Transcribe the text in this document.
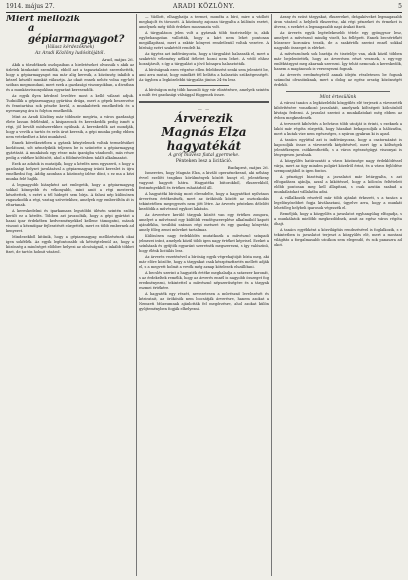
1914. május 27.	ARADI KÖZLÖNY.	5
Miért mellőzik
a gépiarmagyagot?

(Válasz kérdezőknek)

Az Aradi Közlöny ludósitójától.

Arad, május 26.

Akik a tőzsdéknek oszlopaiban a hirdetéseket olvassák s akik az üzletek kirakatait szemlélik, ebből azt a tapasztalatot szerezhették, hogy a gépiarmagyagot ma már alig keresik, a közönség inkább a kézzel készült munkát választja. Az okait ennek nehéz volna egy-két szóban megmondani, mert ezek a gazdasági viszonyokban, a divatban és a munkásviszonyokban egyaránt keresendők.

Az egyik ilyen kérdező levelére most a kellő választ adjuk. Tudniillik a gépiarmagyag gyártása drága, mert a gépek beszerzése és fenntartása sok pénzbe kerül, a munkabérek emelkedtek és a nyersanyag ára is folyton emelkedik.

Mint az Aradi Közlöny már többször megírta, a város gazdasági élete lassan felélénkül, a kisiparosok és kereskedők pedig ismét a régi, jól bevált módszerekhez nyúlnak. A kereskedők azt mondják, hogy a vevők a tartós és erős árut keresik, a gépi munka pedig ebben nem vetekedhet a kézi munkával.

Ennek következtében a gyárak kénytelenek voltak termelésüket korlátozni, sőt némelyikük teljesen be is szüntette a gépiarmagyag gyártását. A munkások egy része más iparágba vándorolt, más része pedig a vidékre költözött, ahol a földmívelésben talált alkalmazást.

Ezek az adatok is mutatják, hogy a kérdés nem egyszerű, s hogy a gazdasági helyzet javulásával a gépiarmagyag iránti kereslet is újra emelkedni fog. Addig azonban a közönség ízlése dönt, s ez ma a kézi munka felé hajlik.

A legnagyobb hiányként azt emlegetik, hogy a gépiarmagyag sokkal könnyebb és vékonyabb, mint amit a régi mesterek készítettek, s ezért a tél hidegét sem bírja. A falusi nép különösen ragaszkodik a régi, vastag szövetekhez, amelyek egy emberöltőn át is eltartanak.

A kereskedelmi és iparkamara legutóbbi ülésén szintén szóba került ez a kérdés. Többen azt javasolták, hogy a gépi gyártást a hazai ipar érdekében kedvezményekkel kellene támogatni, mások viszont a kézműipar fejlesztését sürgették, mert ez több embernek ad kenyeret.

Mindezekből kitűnik, hogy a gépiarmagyag mellőzésének okai igen sokfélék. Az egyik legfontosabb ok kétségtelenül az, hogy a közönség a minőséget előbbre helyezi az olcsóságnál, s inkább többet fizet, de tartós holmit vásárol.

— Vádlott, elhagyhatja a termet, mondta a bíró, mire a vádlott meghajolt és távozott. A közönség zajosan tárgyalta a különös esetet, amelynek még több érdekes mozzanata volt.

A tárgyaláson jelen volt a gyárnak több tisztviselője is, akik egybehangzóan vallották, hogy a kárt nem lehet pontosan megállapítani, mert a raktár könyvei rendetlenül voltak vezetve. A bíróság ezért szakértőt rendelt ki.

Az ügyész azt indítványozta, hogy a tárgyalást halasszák el, mert a szakértői vélemény nélkül ítéletet hozni nem lehet. A védő ehhez hozzájárult, s így a tárgyalást a jövő hónapra halasztották.

A bíróságnak ezen végzése ellen felebbezést senki sem jelentett be, ami arra mutat, hogy mindkét fél belátta a halasztás szükségességét. Az ügyben a legközelebbi tárgyalás június 24-én lesz.

A bíróságon még több hasonló ügy vár elintézésre, amelyek szintén a múlt évi gazdasági válsággal függenek össze.

— —

Árverezik
Magnás Elza hagyatékát

A gróf művész fiatal gyermeke.

Pénteken lesz a licitáció.

Budapest, május 26.

Ismeretes, hogy Magnás Elza, a kiváló operaénekesnő, aki néhány évvel ezelőtt tragikus körülmények között hunyt el, jelentékeny vagyont hagyott hátra. Hagyatéka bútorokból, ékszerekből, festményekből és értékes ruhatárból áll.

A hagyatéki bíróság most elrendelte, hogy a hagyatékot nyilvános árverésen értékesítsék, mert az örökösök között az osztozkodás tekintetében megegyezés nem jött létre. Az árverés pénteken délelőtt kezdődik a művésznő egykori lakásán.

Az árverésre kerülő tárgyak között van egy értékes zongora, amelyet a művésznő egy külföldi vendégszereplése alkalmából kapott ajándékba, továbbá számos régi metszet és egy gazdag könyvtár, amely főleg zenei műveket tartalmaz.

Különösen nagy érdeklődés mutatkozik a művésznő színpadi jelmezei iránt, amelyek közül több igen nagy értéket képvisel. Ezeket a színházak és gyűjtők egyaránt szeretnék megszerezni, s így valószínű, hogy élénk licitálás lesz.

Az árverés vezetésével a bíróság egyik végrehajtóját bízta meg, aki már előre közölte, hogy a tárgyakat csak készpénzfizetés mellett adják el, s a megvett holmit a vevők még aznap kötelesek elszállítani.

A becslés szerint a hagyaték értéke meghaladja a százezer koronát, s az érdekeltek remélik, hogy az árverés ennél is nagyobb összeget fog eredményezni, tekintettel a művésznő népszerűségére és a tárgyak eszmei értékére.

A hagyaték egy részét, nevezetesen a művésznő levelezését és kéziratait, az örökösök nem bocsátják árverésre, hanem azokat a Nemzeti Múzeumnak ajánlották fel megőrzésre, ahol azokat külön gyűjteményben fogják elhelyezni.

Arany és ezüst tárgyakat, ékszereket, drágaköveket legmagasabb áron vásárol a helybeli ékszerész, aki régi pénzeket és érmeket is átvesz, s ezekért a legmagasabb napi árakat fizeti.

Az árverés egyik legérdekesebb tétele egy gyöngysor lesz, amelyet a művésznő mindig viselt, ha fellépett. Ennek becsértékét húszezer koronára teszik, de a szakértők szerint ennél sokkal nagyobb összeget is elérhet.

A művésznőnek sok barátja és tisztelője van, akik közül többen már bejelentették, hogy az árverésen részt vesznek, s egy-egy emléktárgyat meg akarnak szerezni. Így tehát nemcsak a kereskedők, hanem a magánosok is versenyezni fognak.

Az árverés eredményéről annak idején részletesen be fogunk számolni olvasóinknak, mert a dolog az egész ország közönségét érdekli.

Mint értesülünk

A városi tanács a legközelebbi közgyűlés elé terjeszti a vízvezeték kibővítésére vonatkozó javaslatát, amelynek költségeit kölcsönből kívánja fedezni. A javaslat szerint a munkálatokat még ebben az évben megkezdenék.

A tervezett kibővítés a belváros több utcáját is érinti, s ezeknek a lakói már régóta sürgetik, hogy házaikat bekapcsolják a hálózatba, mert a kutak vize nem egészséges, s nyáron gyakran ki is apad.

A tanács egyúttal azt is indítványozza, hogy a csatornázást is kapcsolják össze a vízvezeték kiépítésével, mert így a költségek jelentékenyen csökkenthetők, s a város egészségügyi viszonyai is lényegesen javulnak.

A közgyűlés határozatát a város közönsége nagy érdeklődéssel várja, mert az ügy minden polgárt közelről érint, és a város fejlődése szempontjából is igen fontos.

A pénzügyi bizottság a javaslatot már letárgyalta, s azt elfogadásra ajánlja, azzal a kikötéssel, hogy a kölcsön feltételeit előbb pontosan meg kell állapítani, s csak azután szabad a munkálatokat vállalatba adni.

A vállalkozók részéről már több ajánlat érkezett, s a tanács a legelőnyösebbet fogja kiválasztani, ügyelve arra, hogy a munkát lehetőleg helybeli iparosok végezzék el.

Reméljük, hogy a közgyűlés a javaslatot egyhangúlag elfogadja, s a munkálatok mielőbb megkezdődnek, amit az egész város régóta óhajt.

A tanács egyébként a közvilágítás rendezésével is foglalkozik, s e tekintetben is javaslatot terjeszt a közgyűlés elé, mert a mostani világítás a forgalmasabb utcákon sem elegendő, és sok panaszra ad okot.
